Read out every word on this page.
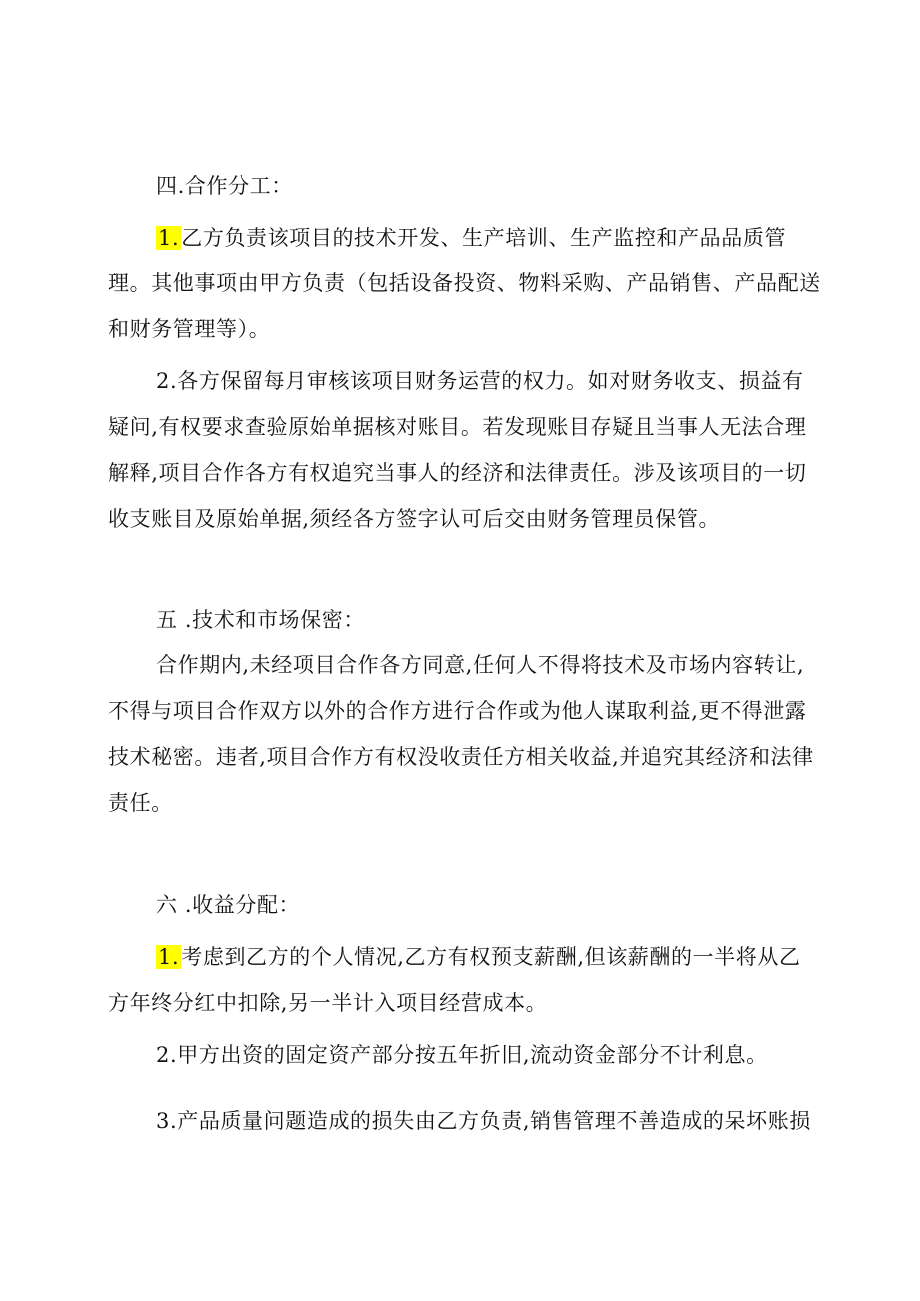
四.合作分工：
1.乙方负责该项目的技术开发、生产培训、生产监控和产品品质管
理。其他事项由甲方负责（包括设备投资、物料采购、产品销售、产品配送
和财务管理等）。
2.各方保留每月审核该项目财务运营的权力。如对财务收支、损益有
疑问,有权要求查验原始单据核对账目。若发现账目存疑且当事人无法合理
解释,项目合作各方有权追究当事人的经济和法律责任。涉及该项目的一切
收支账目及原始单据,须经各方签字认可后交由财务管理员保管。
五 .技术和市场保密：
合作期内,未经项目合作各方同意,任何人不得将技术及市场内容转让,
不得与项目合作双方以外的合作方进行合作或为他人谋取利益,更不得泄露
技术秘密。违者,项目合作方有权没收责任方相关收益,并追究其经济和法律
责任。
六 .收益分配：
1.考虑到乙方的个人情况,乙方有权预支薪酬,但该薪酬的一半将从乙
方年终分红中扣除,另一半计入项目经营成本。
2.甲方出资的固定资产部分按五年折旧,流动资金部分不计利息。
3.产品质量问题造成的损失由乙方负责,销售管理不善造成的呆坏账损
